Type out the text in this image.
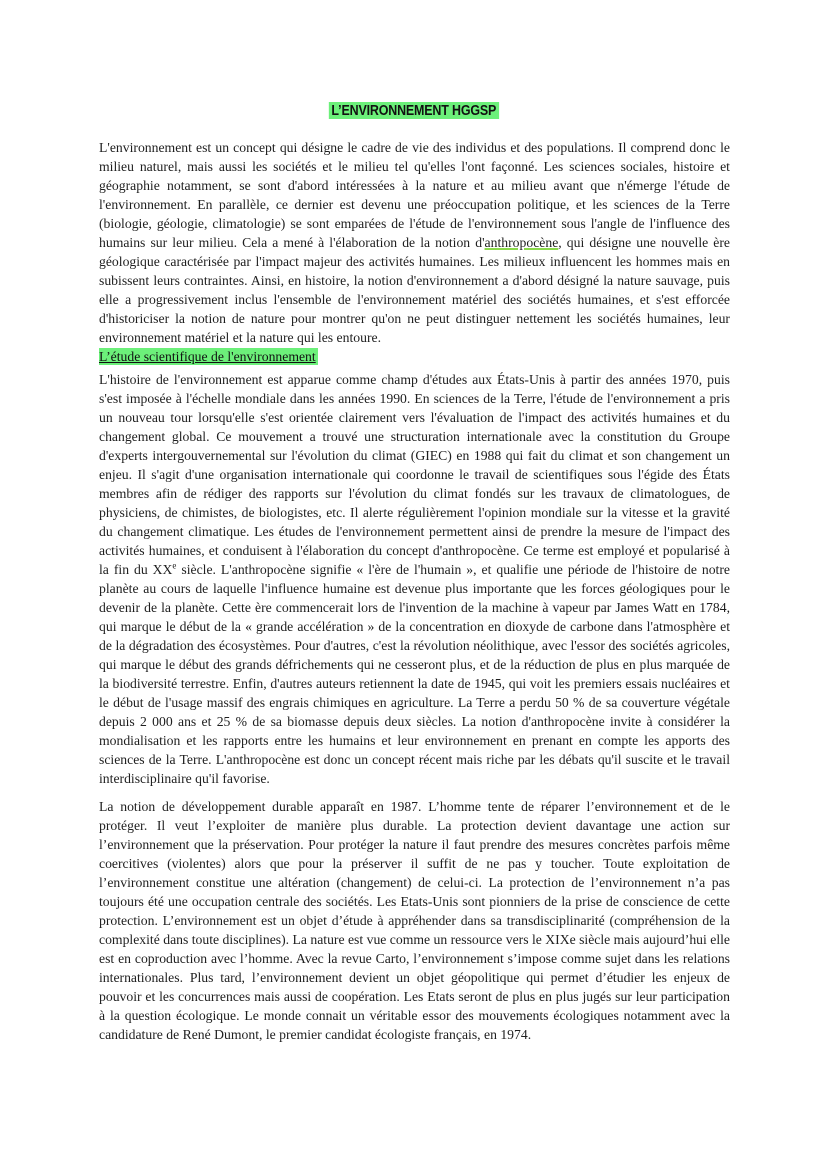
L’ENVIRONNEMENT HGGSP

L'environnement est un concept qui désigne le cadre de vie des individus et des populations. Il comprend donc le milieu naturel, mais aussi les sociétés et le milieu tel qu'elles l'ont façonné. Les sciences sociales, histoire et géographie notamment, se sont d'abord intéressées à la nature et au milieu avant que n'émerge l'étude de l'environnement. En parallèle, ce dernier est devenu une préoccupation politique, et les sciences de la Terre (biologie, géologie, climatologie) se sont emparées de l'étude de l'environnement sous l'angle de l'influence des humains sur leur milieu. Cela a mené à l'élaboration de la notion d'anthropocène, qui désigne une nouvelle ère géologique caractérisée par l'impact majeur des activités humaines. Les milieux influencent les hommes mais en subissent leurs contraintes. Ainsi, en histoire, la notion d'environnement a d'abord désigné la nature sauvage, puis elle a progressivement inclus l'ensemble de l'environnement matériel des sociétés humaines, et s'est efforcée d'historiciser la notion de nature pour montrer qu'on ne peut distinguer nettement les sociétés humaines, leur environnement matériel et la nature qui les entoure.

L’étude scientifique de l'environnement

L'histoire de l'environnement est apparue comme champ d'études aux États-Unis à partir des années 1970, puis s'est imposée à l'échelle mondiale dans les années 1990. En sciences de la Terre, l'étude de l'environnement a pris un nouveau tour lorsqu'elle s'est orientée clairement vers l'évaluation de l'impact des activités humaines et du changement global. Ce mouvement a trouvé une structuration internationale avec la constitution du Groupe d'experts intergouvernemental sur l'évolution du climat (GIEC) en 1988 qui fait du climat et son changement un enjeu. Il s'agit d'une organisation internationale qui coordonne le travail de scientifiques sous l'égide des États membres afin de rédiger des rapports sur l'évolution du climat fondés sur les travaux de climatologues, de physiciens, de chimistes, de biologistes, etc. Il alerte régulièrement l'opinion mondiale sur la vitesse et la gravité du changement climatique. Les études de l'environnement permettent ainsi de prendre la mesure de l'impact des activités humaines, et conduisent à l'élaboration du concept d'anthropocène. Ce terme est employé et popularisé à la fin du XXe siècle. L'anthropocène signifie « l'ère de l'humain », et qualifie une période de l'histoire de notre planète au cours de laquelle l'influence humaine est devenue plus importante que les forces géologiques pour le devenir de la planète. Cette ère commencerait lors de l'invention de la machine à vapeur par James Watt en 1784, qui marque le début de la « grande accélération » de la concentration en dioxyde de carbone dans l'atmosphère et de la dégradation des écosystèmes. Pour d'autres, c'est la révolution néolithique, avec l'essor des sociétés agricoles, qui marque le début des grands défrichements qui ne cesseront plus, et de la réduction de plus en plus marquée de la biodiversité terrestre. Enfin, d'autres auteurs retiennent la date de 1945, qui voit les premiers essais nucléaires et le début de l'usage massif des engrais chimiques en agriculture. La Terre a perdu 50 % de sa couverture végétale depuis 2 000 ans et 25 % de sa biomasse depuis deux siècles. La notion d'anthropocène invite à considérer la mondialisation et les rapports entre les humains et leur environnement en prenant en compte les apports des sciences de la Terre. L'anthropocène est donc un concept récent mais riche par les débats qu'il suscite et le travail interdisciplinaire qu'il favorise.

La notion de développement durable apparaît en 1987. L’homme tente de réparer l’environnement et de le protéger. Il veut l’exploiter de manière plus durable. La protection devient davantage une action sur l’environnement que la préservation. Pour protéger la nature il faut prendre des mesures concrètes parfois même coercitives (violentes) alors que pour la préserver il suffit de ne pas y toucher. Toute exploitation de l’environnement constitue une altération (changement) de celui-ci. La protection de l’environnement n’a pas toujours été une occupation centrale des sociétés. Les Etats-Unis sont pionniers de la prise de conscience de cette protection. L’environnement est un objet d’étude à appréhender dans sa transdisciplinarité (compréhension de la complexité dans toute disciplines). La nature est vue comme un ressource vers le XIXe siècle mais aujourd’hui elle est en coproduction avec l’homme. Avec la revue Carto, l’environnement s’impose comme sujet dans les relations internationales. Plus tard, l’environnement devient un objet géopolitique qui permet d’étudier les enjeux de pouvoir et les concurrences mais aussi de coopération. Les Etats seront de plus en plus jugés sur leur participation à la question écologique. Le monde connait un véritable essor des mouvements écologiques notamment avec la candidature de René Dumont, le premier candidat écologiste français, en 1974.
